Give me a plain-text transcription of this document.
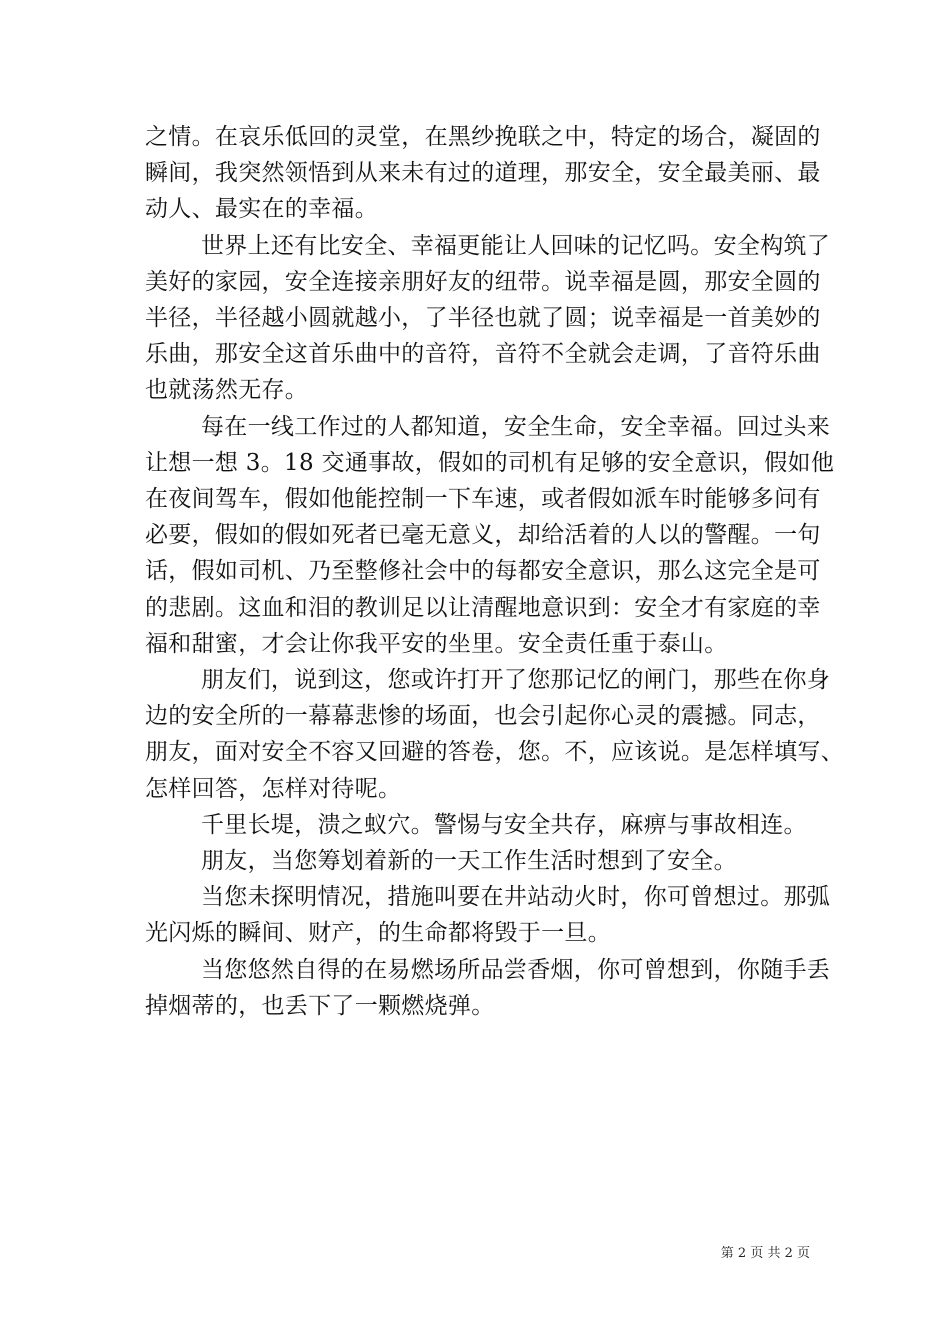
之情。在哀乐低回的灵堂，在黑纱挽联之中，特定的场合，凝固的
瞬间，我突然领悟到从来未有过的道理，那安全，安全最美丽、最
动人、最实在的幸福。

世界上还有比安全、幸福更能让人回味的记忆吗。安全构筑了
美好的家园，安全连接亲朋好友的纽带。说幸福是圆，那安全圆的
半径，半径越小圆就越小，了半径也就了圆；说幸福是一首美妙的
乐曲，那安全这首乐曲中的音符，音符不全就会走调，了音符乐曲
也就荡然无存。

每在一线工作过的人都知道，安全生命，安全幸福。回过头来
让想一想 3。18 交通事故，假如的司机有足够的安全意识，假如他
在夜间驾车，假如他能控制一下车速，或者假如派车时能够多问有
必要，假如的假如死者已毫无意义，却给活着的人以的警醒。一句
话，假如司机、乃至整修社会中的每都安全意识，那么这完全是可
的悲剧。这血和泪的教训足以让清醒地意识到：安全才有家庭的幸
福和甜蜜，才会让你我平安的坐里。安全责任重于泰山。

朋友们，说到这，您或许打开了您那记忆的闸门，那些在你身
边的安全所的一幕幕悲惨的场面，也会引起你心灵的震撼。同志，
朋友，面对安全不容又回避的答卷，您。不，应该说。是怎样填写、
怎样回答，怎样对待呢。

千里长堤，溃之蚁穴。警惕与安全共存，麻痹与事故相连。

朋友，当您筹划着新的一天工作生活时想到了安全。

当您未探明情况，措施叫要在井站动火时，你可曾想过。那弧
光闪烁的瞬间、财产，的生命都将毁于一旦。

当您悠然自得的在易燃场所品尝香烟，你可曾想到，你随手丢
掉烟蒂的，也丢下了一颗燃烧弹。

第 2 页 共 2 页
